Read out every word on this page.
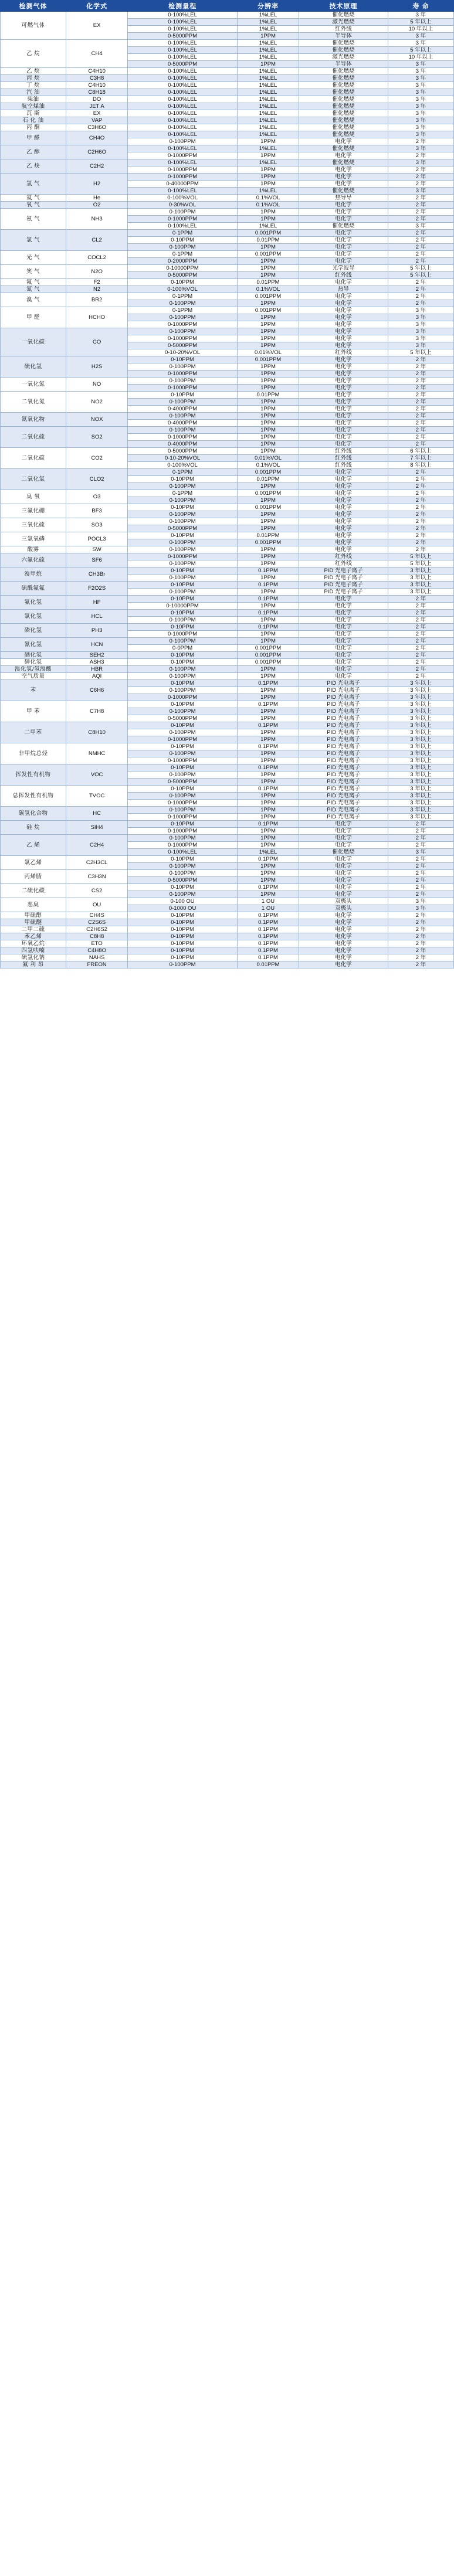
检测气体	化学式	检测量程	分辨率	技术原理	寿 命
可燃气体	EX	0-100%LEL	1%LEL	催化燃烧	3 年
		0-100%LEL	1%LEL	激光燃烧	5 年以上
		0-100%LEL	1%LEL	红外线	10 年以上
		0-5000PPM	1PPM	半导体	3 年
乙 烷	CH4	0-100%LEL	1%LEL	催化燃烧	3 年
		0-100%LEL	1%LEL	催化燃烧	5 年以上
		0-100%LEL	1%LEL	激光燃烧	10 年以上
		0-5000PPM	1PPM	半导体	3 年
乙 烷	C4H10	0-100%LEL	1%LEL	催化燃烧	3 年
丙 烷	C3H8	0-100%LEL	1%LEL	催化燃烧	3 年
丁 烷	C4H10	0-100%LEL	1%LEL	催化燃烧	3 年
汽 油	C8H18	0-100%LEL	1%LEL	催化燃烧	3 年
柴油	DO	0-100%LEL	1%LEL	催化燃烧	3 年
航空煤油	JET A	0-100%LEL	1%LEL	催化燃烧	3 年
瓦 斯	EX	0-100%LEL	1%LEL	催化燃烧	3 年
石 化 油	VAP	0-100%LEL	1%LEL	催化燃烧	3 年
丙 酮	C3H6O	0-100%LEL	1%LEL	催化燃烧	3 年
甲 醛	CH4O	0-100%LEL	1%LEL	催化燃烧	3 年
		0-100PPM	1PPM	电化学	2 年
乙 醇	C2H6O	0-100%LEL	1%LEL	催化燃烧	3 年
		0-1000PPM	1PPM	电化学	2 年
乙 炔	C2H2	0-100%LEL	1%LEL	催化燃烧	3 年
		0-1000PPM	1PPM	电化学	2 年
氢 气	H2	0-1000PPM	1PPM	电化学	2 年
		0-40000PPM	1PPM	电化学	2 年
		0-100%LEL	1%LEL	催化燃烧	3 年
氦 气	He	0-100%VOL	0.1%VOL	热导导	2 年
氧 气	O2	0-30%VOL	0.1%VOL	电化学	2 年
氨 气	NH3	0-100PPM	1PPM	电化学	2 年
		0-1000PPM	1PPM	电化学	2 年
		0-100%LEL	1%LEL	催化燃烧	3 年
氯 气	CL2	0-1PPM	0.001PPM	电化学	2 年
		0-10PPM	0.01PPM	电化学	2 年
		0-100PPM	1PPM	电化学	2 年
光 气	COCL2	0-1PPM	0.001PPM	电化学	2 年
		0-2000PPM	1PPM	电化学	2 年
笑 气	N2O	0-10000PPM	1PPM	光学波导	5 年以上
		0-5000PPM	1PPM	红外线	5 年以上
氟 气	F2	0-10PPM	0.01PPM	电化学	2 年
氮 气	N2	0-100%VOL	0.1%VOL	热导	2 年
溴 气	BR2	0-1PPM	0.001PPM	电化学	2 年
		0-100PPM	1PPM	电化学	2 年
甲 醛	HCHO	0-1PPM	0.001PPM	电化学	3 年
		0-100PPM	1PPM	电化学	3 年
		0-1000PPM	1PPM	电化学	3 年
一氧化碳	CO	0-100PPM	1PPM	电化学	3 年
		0-1000PPM	1PPM	电化学	3 年
		0-5000PPM	1PPM	电化学	3 年
		0-10-20%VOL	0.01%VOL	红外线	5 年以上
硫化氢	H2S	0-10PPM	0.001PPM	电化学	2 年
		0-100PPM	1PPM	电化学	2 年
		0-1000PPM	1PPM	电化学	2 年
一氧化氮	NO	0-100PPM	1PPM	电化学	2 年
		0-1000PPM	1PPM	电化学	2 年
二氧化氮	NO2	0-10PPM	0.01PPM	电化学	2 年
		0-100PPM	1PPM	电化学	2 年
		0-4000PPM	1PPM	电化学	2 年
氮氧化物	NOX	0-100PPM	1PPM	电化学	2 年
		0-4000PPM	1PPM	电化学	2 年
二氧化硫	SO2	0-100PPM	1PPM	电化学	2 年
		0-1000PPM	1PPM	电化学	2 年
		0-4000PPM	1PPM	电化学	2 年
二氧化碳	CO2	0-5000PPM	1PPM	红外线	6 年以上
		0-10-20%VOL	0.01%VOL	红外线	7 年以上
		0-100%VOL	0.1%VOL	红外线	8 年以上
二氧化氯	CLO2	0-1PPM	0.001PPM	电化学	2 年
		0-10PPM	0.01PPM	电化学	2 年
		0-100PPM	1PPM	电化学	2 年
臭 氧	O3	0-1PPM	0.001PPM	电化学	2 年
		0-100PPM	1PPM	电化学	2 年
三氟化硼	BF3	0-10PPM	0.001PPM	电化学	2 年
		0-100PPM	1PPM	电化学	2 年
三氧化硫	SO3	0-100PPM	1PPM	电化学	2 年
		0-5000PPM	1PPM	电化学	2 年
三氯氧磷	POCL3	0-10PPM	0.01PPM	电化学	2 年
		0-100PPM	0.001PPM	电化学	2 年
酸雾	SW	0-100PPM	1PPM	电化学	2 年
六氟化硫	SF6	0-1000PPM	1PPM	红外线	5 年以上
		0-100PPM	1PPM	红外线	5 年以上
溴甲烷	CH3Br	0-10PPM	0.1PPM	PID 光电子离子	3 年以上
		0-100PPM	1PPM	PID 光电子离子	3 年以上
硫酰氟氟	F2O2S	0-10PPM	0.1PPM	PID 光电子离子	3 年以上
		0-100PPM	1PPM	PID 光电子离子	3 年以上
氟化氢	HF	0-10PPM	0.1PPM	电化学	2 年
		0-10000PPM	1PPM	电化学	2 年
氯化氢	HCL	0-10PPM	0.1PPM	电化学	2 年
		0-100PPM	1PPM	电化学	2 年
磷化氢	PH3	0-10PPM	0.1PPM	电化学	2 年
		0-1000PPM	1PPM	电化学	2 年
氰化氢	HCN	0-100PPM	1PPM	电化学	2 年
		0-0PPM	0.001PPM	电化学	2 年
硒化氢	SEH2	0-10PPM	0.001PPM	电化学	2 年
砷化氢	ASH3	0-10PPM	0.001PPM	电化学	2 年
溴化氢/氢溴酸	HBR	0-100PPM	1PPM	电化学	2 年
空气质量	AQI	0-100PPM	1PPM	电化学	2 年
苯	C6H6	0-10PPM	0.1PPM	PID 光电离子	3 年以上
		0-100PPM	1PPM	PID 光电离子	3 年以上
		0-1000PPM	1PPM	PID 光电离子	3 年以上
甲 苯	C7H8	0-10PPM	0.1PPM	PID 光电离子	3 年以上
		0-100PPM	1PPM	PID 光电离子	3 年以上
		0-5000PPM	1PPM	PID 光电离子	3 年以上
二甲苯	C8H10	0-10PPM	0.1PPM	PID 光电离子	3 年以上
		0-100PPM	1PPM	PID 光电离子	3 年以上
		0-1000PPM	1PPM	PID 光电离子	3 年以上
非甲烷总烃	NMHC	0-10PPM	0.1PPM	PID 光电离子	3 年以上
		0-100PPM	1PPM	PID 光电离子	3 年以上
		0-1000PPM	1PPM	PID 光电离子	3 年以上
挥发性有机物	VOC	0-10PPM	0.1PPM	PID 光电离子	3 年以上
		0-100PPM	1PPM	PID 光电离子	3 年以上
		0-5000PPM	1PPM	PID 光电离子	3 年以上
总挥发性有机物	TVOC	0-10PPM	0.1PPM	PID 光电离子	3 年以上
		0-100PPM	1PPM	PID 光电离子	3 年以上
		0-1000PPM	1PPM	PID 光电离子	3 年以上
碳氢化合物	HC	0-100PPM	1PPM	PID 光电离子	3 年以上
		0-1000PPM	1PPM	PID 光电离子	3 年以上
硅 烷	SIH4	0-10PPM	0.1PPM	电化学	2 年
		0-1000PPM	1PPM	电化学	2 年
乙 烯	C2H4	0-100PPM	1PPM	电化学	2 年
		0-1000PPM	1PPM	电化学	2 年
		0-100%LEL	1%LEL	催化燃烧	3 年
氯乙烯	C2H3CL	0-10PPM	0.1PPM	电化学	2 年
		0-100PPM	1PPM	电化学	2 年
丙烯腈	C3H3N	0-100PPM	1PPM	电化学	2 年
		0-5000PPM	1PPM	电化学	2 年
二硫化碳	CS2	0-10PPM	0.1PPM	电化学	2 年
		0-100PPM	1PPM	电化学	2 年
恶臭	OU	0-100 OU	1 OU	双极头	3 年
		0-1000 OU	1 OU	双极头	3 年
甲硫醇	CH4S	0-10PPM	0.1PPM	电化学	2 年
甲硫醚	C2S6S	0-10PPM	0.1PPM	电化学	2 年
二甲二硫	C2H6S2	0-10PPM	0.1PPM	电化学	2 年
苯乙烯	C8H8	0-10PPM	0.1PPM	电化学	2 年
环氧乙烷	ETO	0-10PPM	0.1PPM	电化学	2 年
四氢呋喃	C4H8O	0-10PPM	0.1PPM	电化学	2 年
硫氢化钠	NAHS	0-10PPM	0.1PPM	电化学	2 年
氟 利 昂	FREON	0-100PPM	0.01PPM	电化学	2 年
